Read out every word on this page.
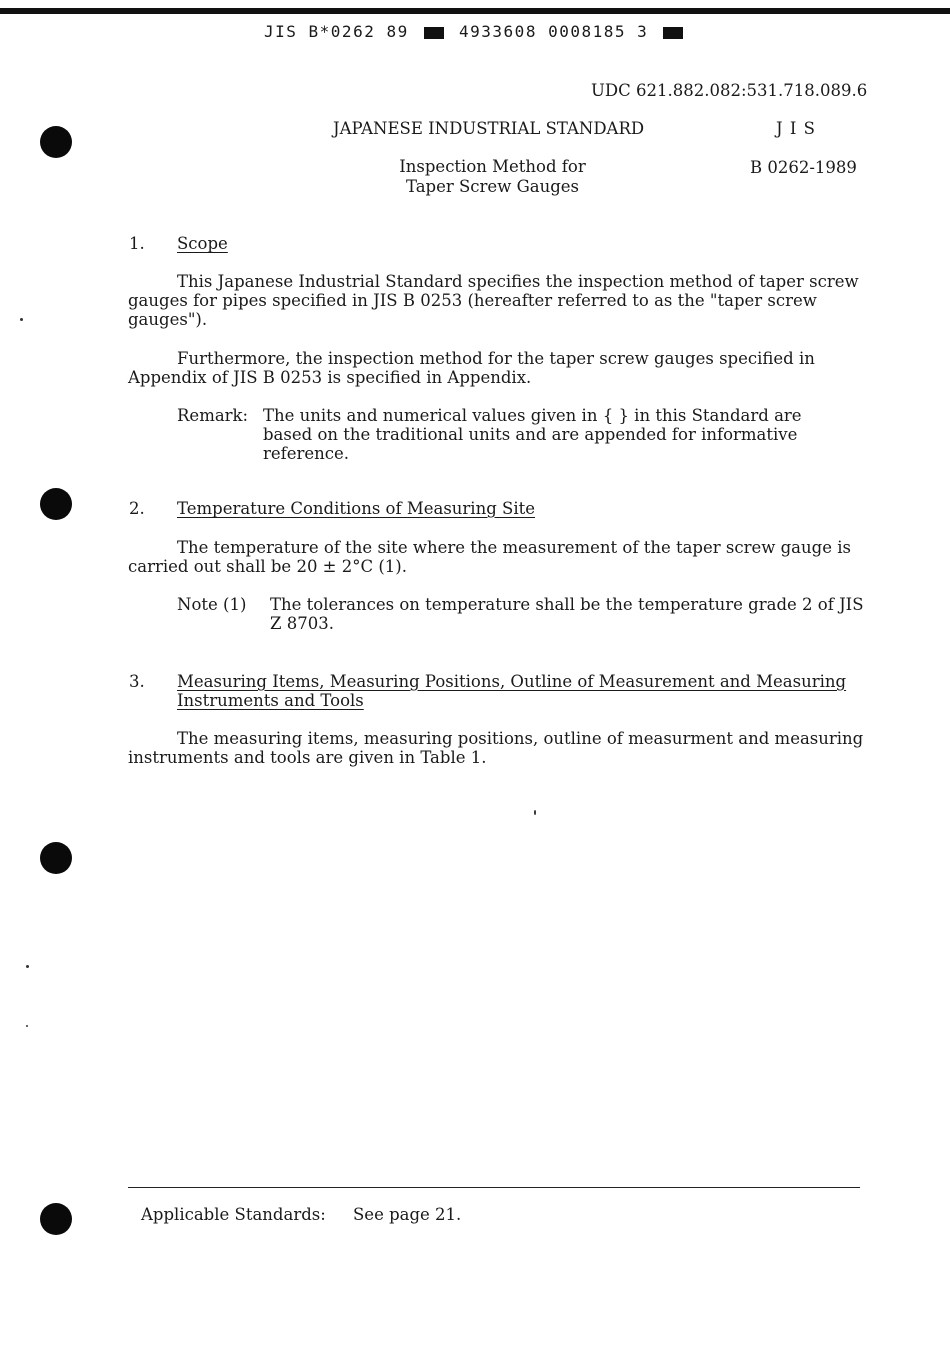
JIS B*0262 89	4933608 0008185 3
UDC 621.882.082:531.718.089.6
JAPANESE INDUSTRIAL STANDARD	J I S
Inspection Method for
Taper Screw Gauges
B 0262-1989
1. Scope
This Japanese Industrial Standard specifies the inspection method of taper screw gauges for pipes specified in JIS B 0253 (hereafter referred to as the "taper screw gauges").
Furthermore, the inspection method for the taper screw gauges specified in Appendix of JIS B 0253 is specified in Appendix.
Remark: The units and numerical values given in { } in this Standard are based on the traditional units and are appended for informative reference.
2. Temperature Conditions of Measuring Site
The temperature of the site where the measurement of the taper screw gauge is carried out shall be 20 ± 2°C (1).
Note (1) The tolerances on temperature shall be the temperature grade 2 of JIS Z 8703.
3. Measuring Items, Measuring Positions, Outline of Measurement and Measuring Instruments and Tools
The measuring items, measuring positions, outline of measurment and measuring instruments and tools are given in Table 1.
Applicable Standards: See page 21.
